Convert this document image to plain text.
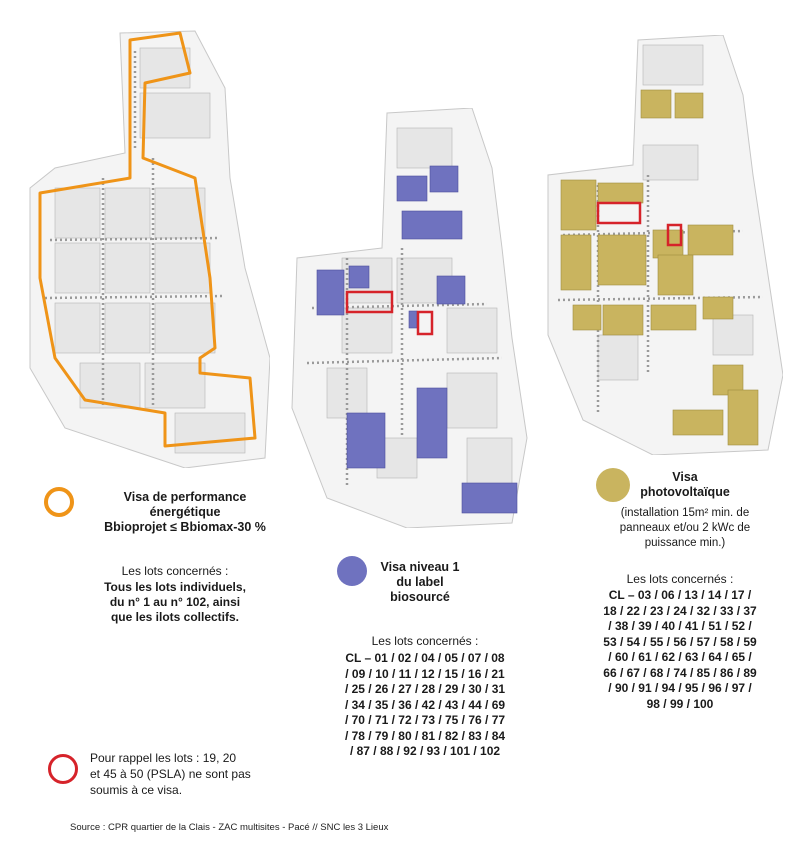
Visa de performance
énergétique
Bbioprojet ≤ Bbiomax-30 %
Les lots concernés :
Tous les lots individuels,
du n° 1 au n° 102, ainsi
que les ilots collectifs.
Pour rappel les lots : 19, 20
et 45 à 50 (PSLA) ne sont pas
soumis à ce visa.
Visa niveau 1
du label
biosourcé
Les lots concernés :
CL – 01 / 02 / 04 / 05 / 07 / 08
/ 09 / 10 / 11 / 12 / 15 / 16 / 21
/ 25 / 26 / 27 / 28 / 29 / 30 / 31
/ 34 / 35 / 36 / 42 / 43 / 44 / 69
/ 70 / 71 / 72 / 73 / 75 / 76 / 77
/ 78 / 79 / 80 / 81 / 82 / 83 / 84
/ 87 / 88 / 92 / 93 / 101 / 102
Visa
photovoltaïque
(installation 15m² min. de
panneaux et/ou 2 kWc de
puissance min.)
Les lots concernés :
CL – 03 / 06 / 13 / 14 / 17 /
18 / 22 / 23 / 24 / 32 / 33 / 37
/ 38 / 39 / 40 / 41 / 51 / 52 /
53 / 54 / 55 / 56 / 57 / 58 / 59
/ 60 / 61 / 62 / 63 / 64 / 65 /
66 / 67 / 68 / 74 / 85 / 86 / 89
/ 90 / 91 / 94 / 95 / 96 / 97 /
98 / 99 / 100
Source : CPR quartier de la Clais - ZAC multisites - Pacé // SNC les 3 Lieux
